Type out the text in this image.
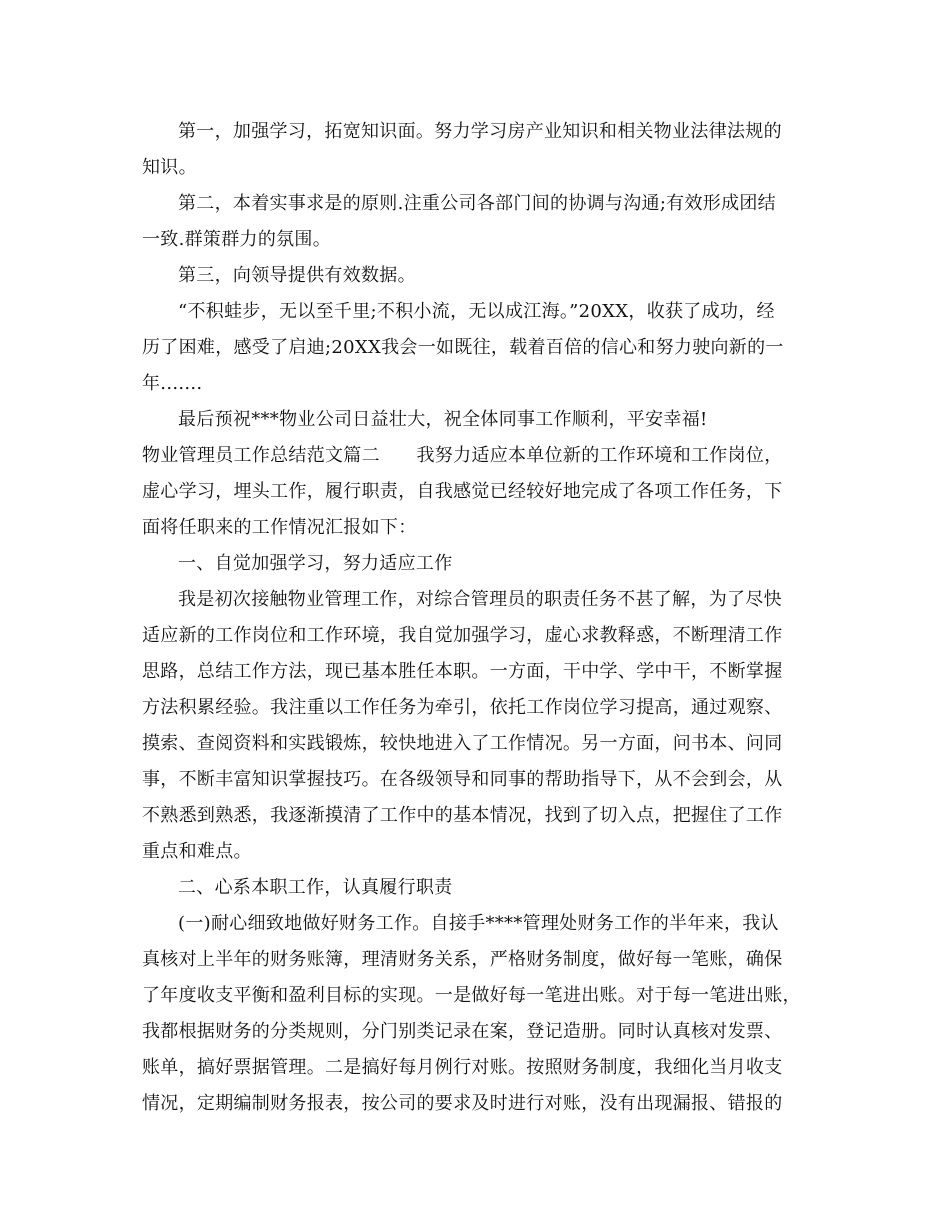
第一，加强学习，拓宽知识面。努力学习房产业知识和相关物业法律法规的
知识。
第二，本着实事求是的原则.注重公司各部门间的协调与沟通;有效形成团结
一致.群策群力的氛围。
第三，向领导提供有效数据。
“不积蛙步，无以至千里;不积小流，无以成江海。”20XX，收获了成功，经
历了困难，感受了启迪;20XX我会一如既往，载着百倍的信心和努力驶向新的一
年.......
最后预祝***物业公司日益壮大，祝全体同事工作顺利，平安幸福!
物业管理员工作总结范文篇二　　我努力适应本单位新的工作环境和工作岗位，
虚心学习，埋头工作，履行职责，自我感觉已经较好地完成了各项工作任务，下
面将任职来的工作情况汇报如下：
一、自觉加强学习，努力适应工作
我是初次接触物业管理工作，对综合管理员的职责任务不甚了解，为了尽快
适应新的工作岗位和工作环境，我自觉加强学习，虚心求教释惑，不断理清工作
思路，总结工作方法，现已基本胜任本职。一方面，干中学、学中干，不断掌握
方法积累经验。我注重以工作任务为牵引，依托工作岗位学习提高，通过观察、
摸索、查阅资料和实践锻炼，较快地进入了工作情况。另一方面，问书本、问同
事，不断丰富知识掌握技巧。在各级领导和同事的帮助指导下，从不会到会，从
不熟悉到熟悉，我逐渐摸清了工作中的基本情况，找到了切入点，把握住了工作
重点和难点。
二、心系本职工作，认真履行职责
(一)耐心细致地做好财务工作。自接手****管理处财务工作的半年来，我认
真核对上半年的财务账簿，理清财务关系，严格财务制度，做好每一笔账，确保
了年度收支平衡和盈利目标的实现。一是做好每一笔进出账。对于每一笔进出账，
我都根据财务的分类规则，分门别类记录在案，登记造册。同时认真核对发票、
账单，搞好票据管理。二是搞好每月例行对账。按照财务制度，我细化当月收支
情况，定期编制财务报表，按公司的要求及时进行对账，没有出现漏报、错报的
